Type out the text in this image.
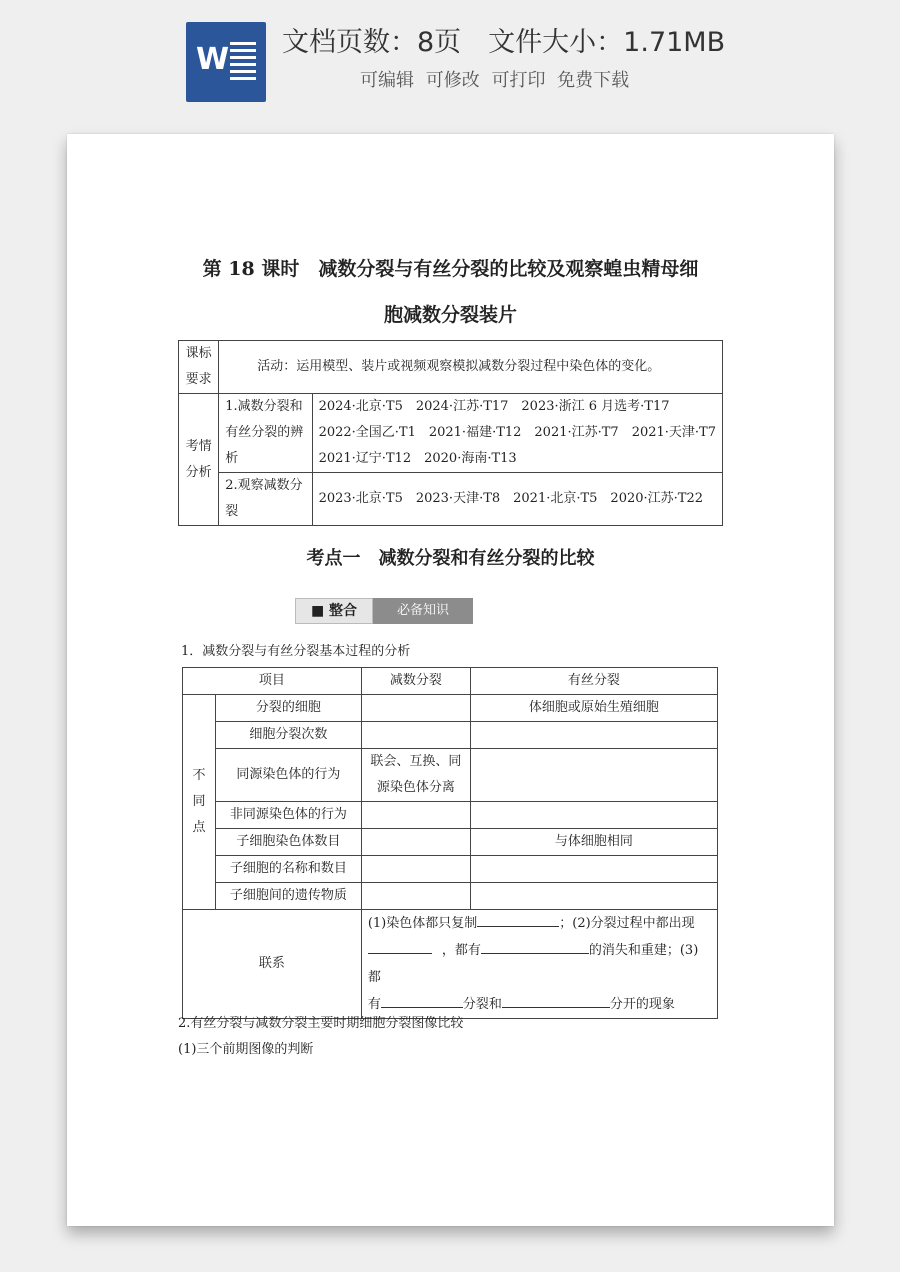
W 文档页数：8页　文件大小：1.71MB
可编辑 可修改 可打印 免费下载
第 18 课时　减数分裂与有丝分裂的比较及观察蝗虫精母细
胞减数分裂装片
课标要求	活动：运用模型、装片或视频观察模拟减数分裂过程中染色体的变化。	
考情分析	1.减数分裂和有丝分裂的辨析	2024·北京·T5　2024·江苏·T17　2023·浙江 6 月选考·T17
2022·全国乙·T1　2021·福建·T12　2021·江苏·T7　2021·天津·T7
2021·辽宁·T12　2020·海南·T13

	2.观察减数分裂	2023·北京·T5　2023·天津·T8　2021·北京·T5　2020·江苏·T22
考点一　减数分裂和有丝分裂的比较
■ 整合	必备知识
1．减数分裂与有丝分裂基本过程的分析
项目		减数分裂	有丝分裂

不
同
点	分裂的细胞		体细胞或原始生殖细胞
	细胞分裂次数		
	同源染色体的行为	联会、互换、同源染色体分离	
	非同源染色体的行为		
	子细胞染色体数目		与体细胞相同
	子细胞的名称和数目		
	子细胞间的遗传物质		
联系		(1)染色体都只复制 ；(2)分裂过程中都出现
，都有 的消失和重建；(3)都
有 分裂和 分开的现象	
2.有丝分裂与减数分裂主要时期细胞分裂图像比较
(1)三个前期图像的判断
